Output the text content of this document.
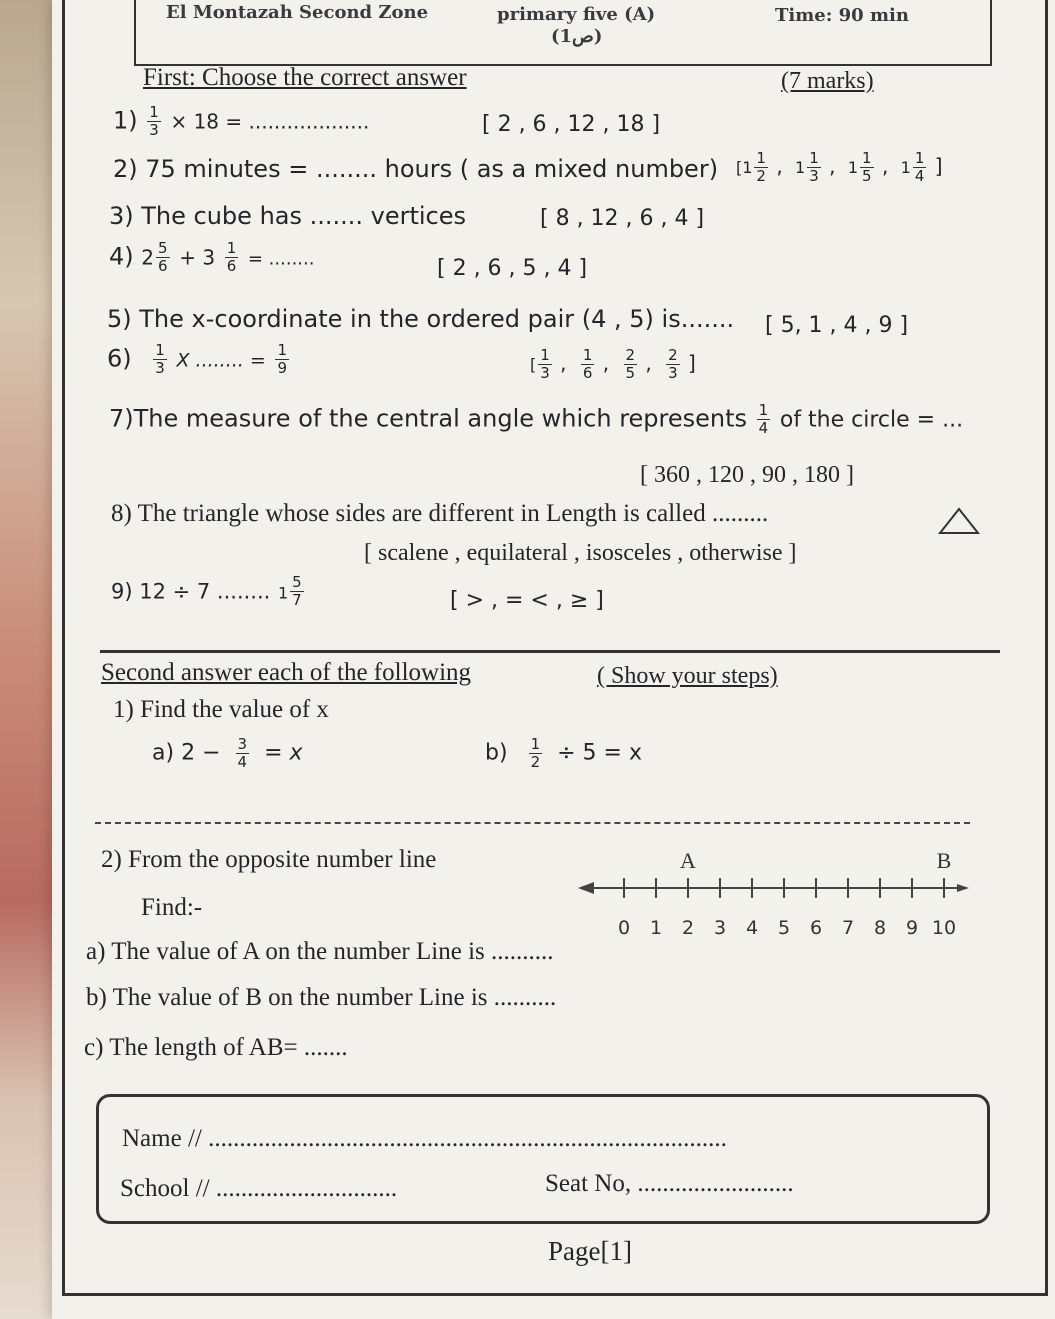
El Montazah Second Zone	primary five (A)
(1ص)
Time: 90 min
First: Choose the correct answer	(7 marks)
$1) \frac{1}{3} \times 18$ = ...................	[ 2 , 6 , 12 , 18 ]
2) 75 minutes = ........ hours ( as a mixed number) [$1 \frac{1}{2}$ , $1 \frac{1}{3}$ , $1 \frac{1}{5}$ , $1 \frac{1}{4}$ ]
3) The cube has ....... vertices	[ 8 , 12 , 6 , 4 ]
4) $2 \frac{5}{6} + 3 \frac{1}{6}$ = ........	[ 2 , 6 , 5 , 4 ]
5) The x-coordinate in the ordered pair (4 , 5) is....... [ 5, 1 , 4 , 9 ]
$6) \frac{1}{3}$ X ........ = $\frac{1}{9}$	[ $\frac{1}{3}$ , $\frac{1}{6}$ , $\frac{2}{5}$ , $\frac{2}{3}$ ]
7)The measure of the central angle which represents $\frac{1}{4}$ of the circle = ...
[ 360 , 120 , 90 , 180 ]
8) The triangle whose sides are different in Length is called .........
[ scalene , equilateral , isosceles , otherwise ]
9) 12 ÷ 7 ........ $1 \frac{5}{7}$	[ > , = < , ≥ ]
Second answer each of the following	( Show your steps)
1) Find the value of x
a) $2 - \frac{3}{4} = x$	$b) \frac{1}{2} \div 5 = x$
2) From the opposite number line
Find:-
A	B
0 1 2 3 4 5 6 7 8 9 10
a) The value of A on the number Line is ..........
b) The value of B on the number Line is ..........
c) The length of AB= .......
Name // ...................................................................................
School // .............................	Seat No, .........................
Page[1]
